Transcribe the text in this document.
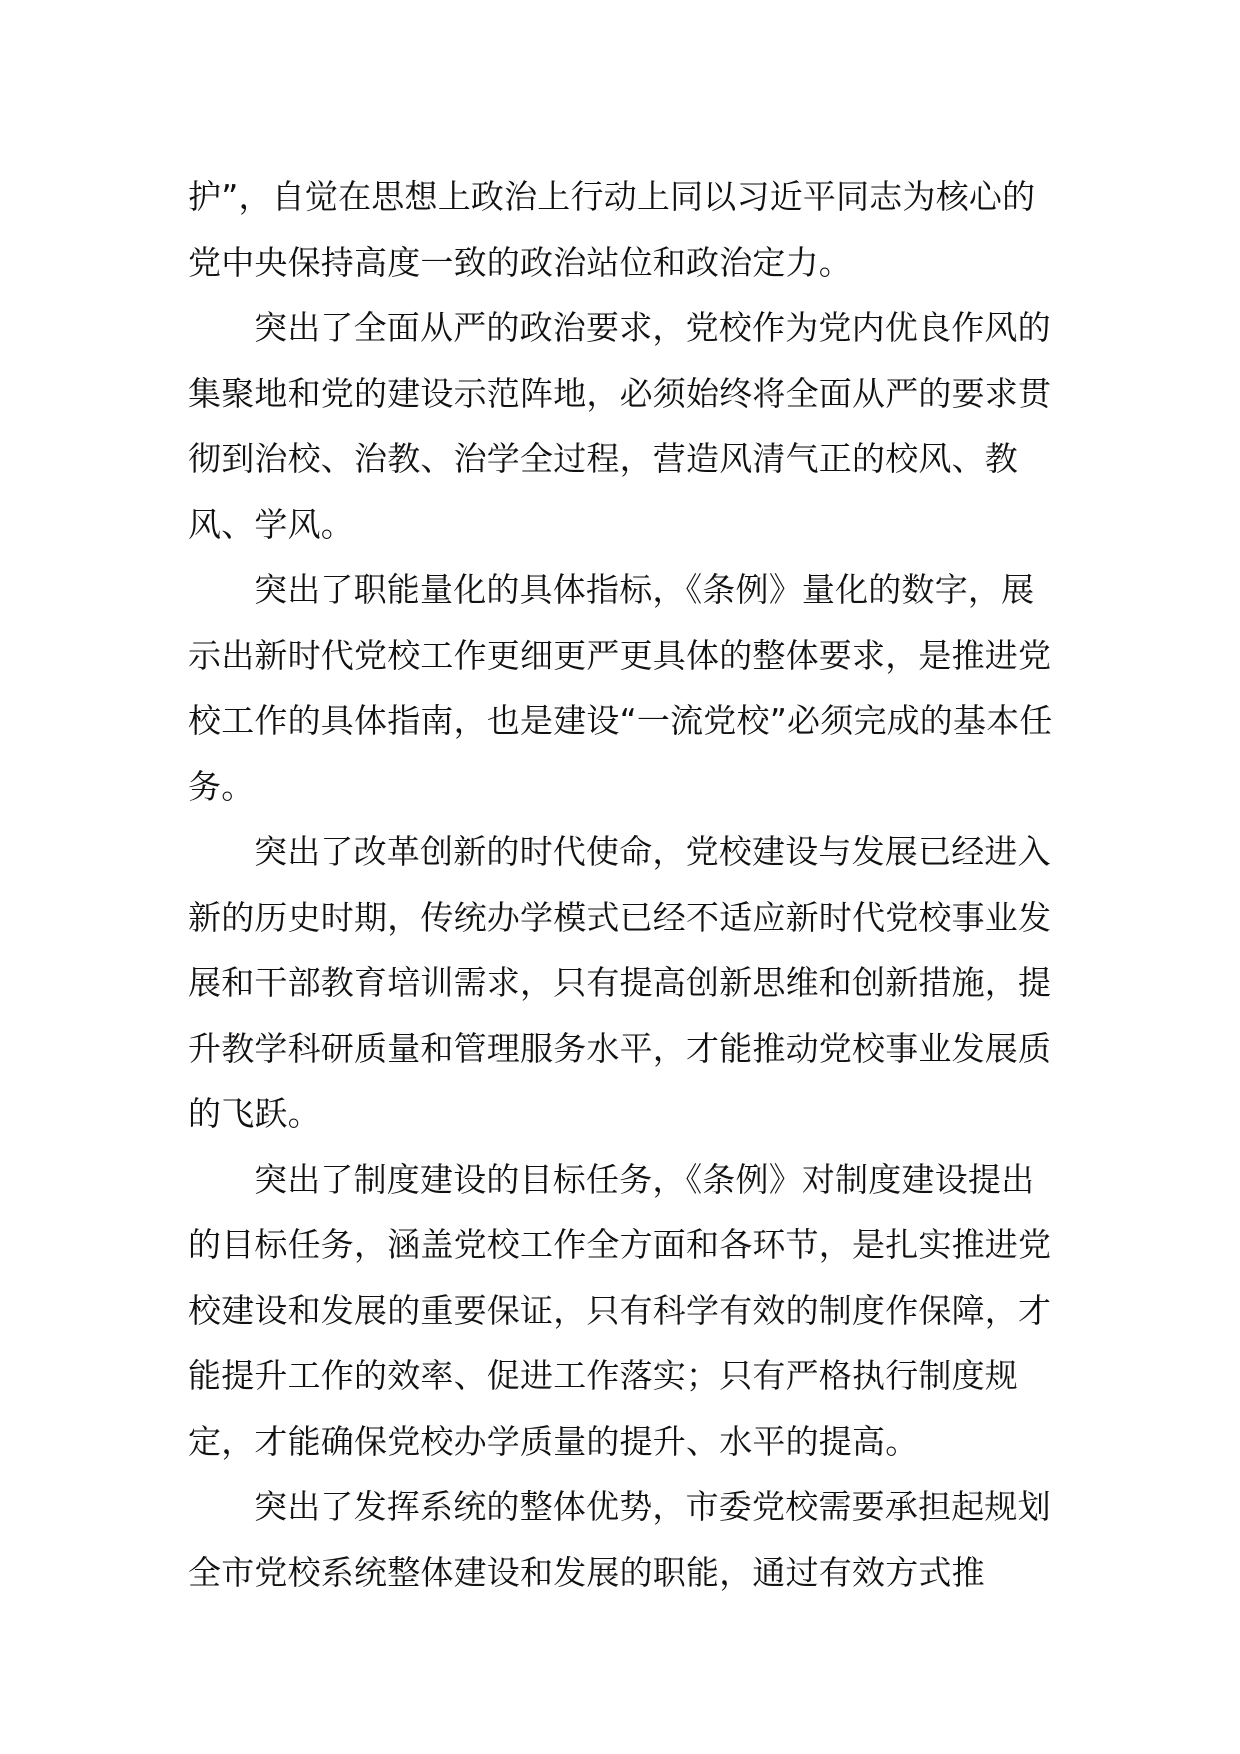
护”，自觉在思想上政治上行动上同以习近平同志为核心的党中央保持高度一致的政治站位和政治定力。

突出了全面从严的政治要求，党校作为党内优良作风的集聚地和党的建设示范阵地，必须始终将全面从严的要求贯彻到治校、治教、治学全过程，营造风清气正的校风、教风、学风。

突出了职能量化的具体指标，《条例》量化的数字，展示出新时代党校工作更细更严更具体的整体要求，是推进党校工作的具体指南，也是建设“一流党校”必须完成的基本任务。

突出了改革创新的时代使命，党校建设与发展已经进入新的历史时期，传统办学模式已经不适应新时代党校事业发展和干部教育培训需求，只有提高创新思维和创新措施，提升教学科研质量和管理服务水平，才能推动党校事业发展质的飞跃。

突出了制度建设的目标任务，《条例》对制度建设提出的目标任务，涵盖党校工作全方面和各环节，是扎实推进党校建设和发展的重要保证，只有科学有效的制度作保障，才能提升工作的效率、促进工作落实；只有严格执行制度规定，才能确保党校办学质量的提升、水平的提高。

突出了发挥系统的整体优势，市委党校需要承担起规划全市党校系统整体建设和发展的职能，通过有效方式推
